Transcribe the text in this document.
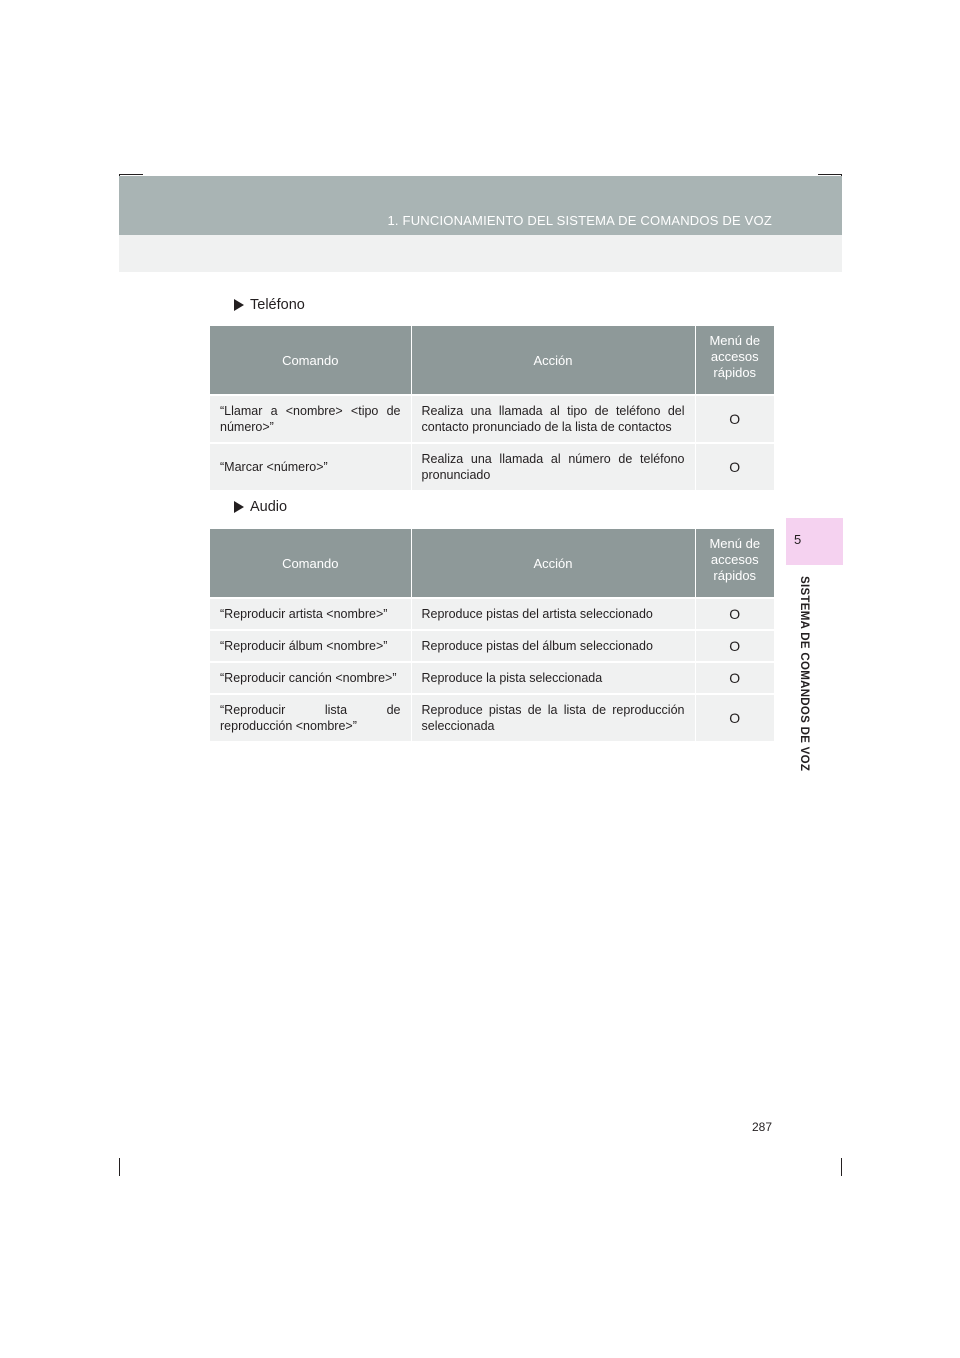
1. FUNCIONAMIENTO DEL SISTEMA DE COMANDOS DE VOZ
5
SISTEMA DE COMANDOS DE VOZ
Teléfono
Comando	Acción	Menú de accesos rápidos
“Llamar a <nombre> <tipo de número>”	Realiza una llamada al tipo de teléfono del contacto pronunciado de la lista de contactos	O
“Marcar <número>”	Realiza una llamada al número de teléfono pronunciado	O
Audio
Comando	Acción	Menú de accesos rápidos
“Reproducir artista <nombre>”	Reproduce pistas del artista seleccionado	O
“Reproducir álbum <nombre>”	Reproduce pistas del álbum seleccionado	O
“Reproducir canción <nombre>”	Reproduce la pista seleccionada	O
“Reproducir lista de reproducción <nombre>”	Reproduce pistas de la lista de reproducción seleccionada	O
287
